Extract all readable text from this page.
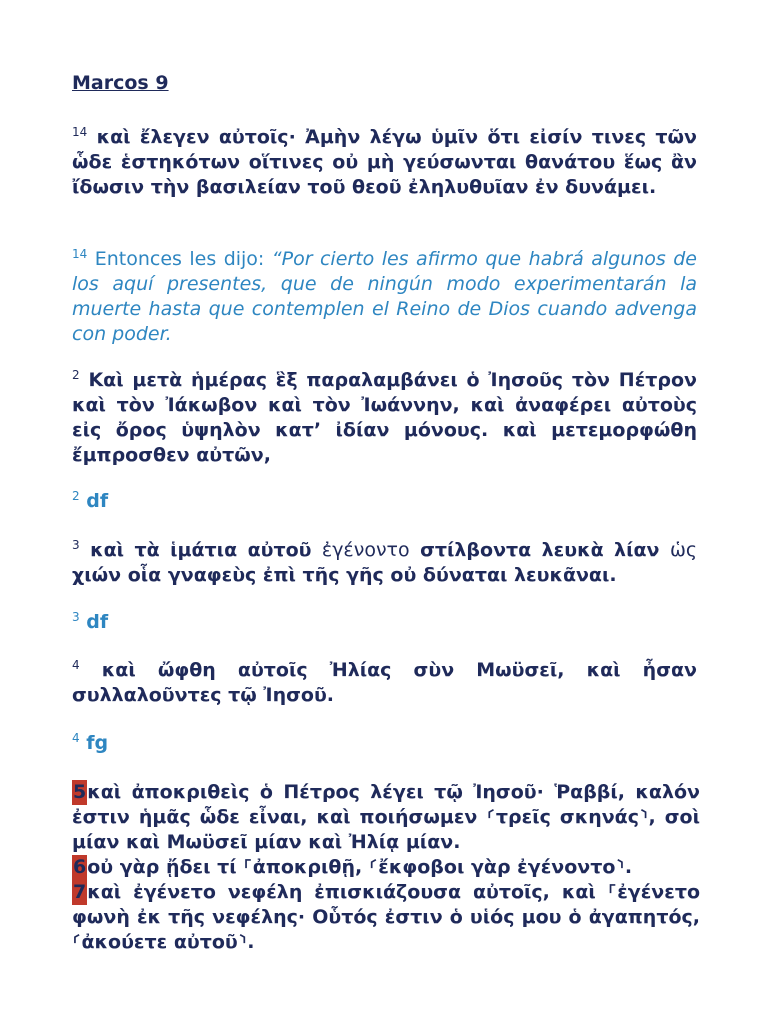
Marcos 9

$^{14}$ καὶ ἔλεγεν αὐτοῖς· Ἀμὴν λέγω ὑμῖν ὅτι εἰσίν τινες τῶν ὧδε ἑστηκότων οἵτινες οὐ μὴ γεύσωνται θανάτου ἕως ἂν ἴδωσιν τὴν βασιλείαν τοῦ θεοῦ ἐληλυθυῖαν ἐν δυνάμει.

$^{14}$ Entonces les dijo: “Por cierto les afirmo que habrá algunos de los aquí presentes, que de ningún modo experimentarán la muerte hasta que contemplen el Reino de Dios cuando advenga con poder.

$^2$ Καὶ μετὰ ἡμέρας ἓξ παραλαμβάνει ὁ Ἰησοῦς τὸν Πέτρον καὶ τὸν Ἰάκωβον καὶ τὸν Ἰωάννην, καὶ ἀναφέρει αὐτοὺς εἰς ὄρος ὑψηλὸν κατ’ ἰδίαν μόνους. καὶ μετεμορφώθη ἔμπροσθεν αὐτῶν,

$^2$ df

$^3$ καὶ τὰ ἱμάτια αὐτοῦ ἐγένοντο στίλβοντα λευκὰ λίαν ὡς χιών οἷα γναφεὺς ἐπὶ τῆς γῆς οὐ δύναται λευκᾶναι.

$^3$ df

$^4$ καὶ ὤφθη αὐτοῖς Ἠλίας σὺν Μωϋσεῖ, καὶ ἦσαν συλλαλοῦντες τῷ Ἰησοῦ.

$^4$ fg

5καὶ ἀποκριθεὶς ὁ Πέτρος λέγει τῷ Ἰησοῦ· Ῥαββί, καλόν ἐστιν ἡμᾶς ὧδε εἶναι, καὶ ποιήσωμεν ⸂τρεῖς σκηνάς⸃, σοὶ μίαν καὶ Μωϋσεῖ μίαν καὶ Ἠλίᾳ μίαν.
6οὐ γὰρ ᾔδει τί ⸀ἀποκριθῇ, ⸂ἔκφοβοι γὰρ ἐγένοντο⸃.
7καὶ ἐγένετο νεφέλη ἐπισκιάζουσα αὐτοῖς, καὶ ⸀ἐγένετο φωνὴ ἐκ τῆς νεφέλης· Οὗτός ἐστιν ὁ υἱός μου ὁ ἀγαπητός, ⸂ἀκούετε αὐτοῦ⸃.
